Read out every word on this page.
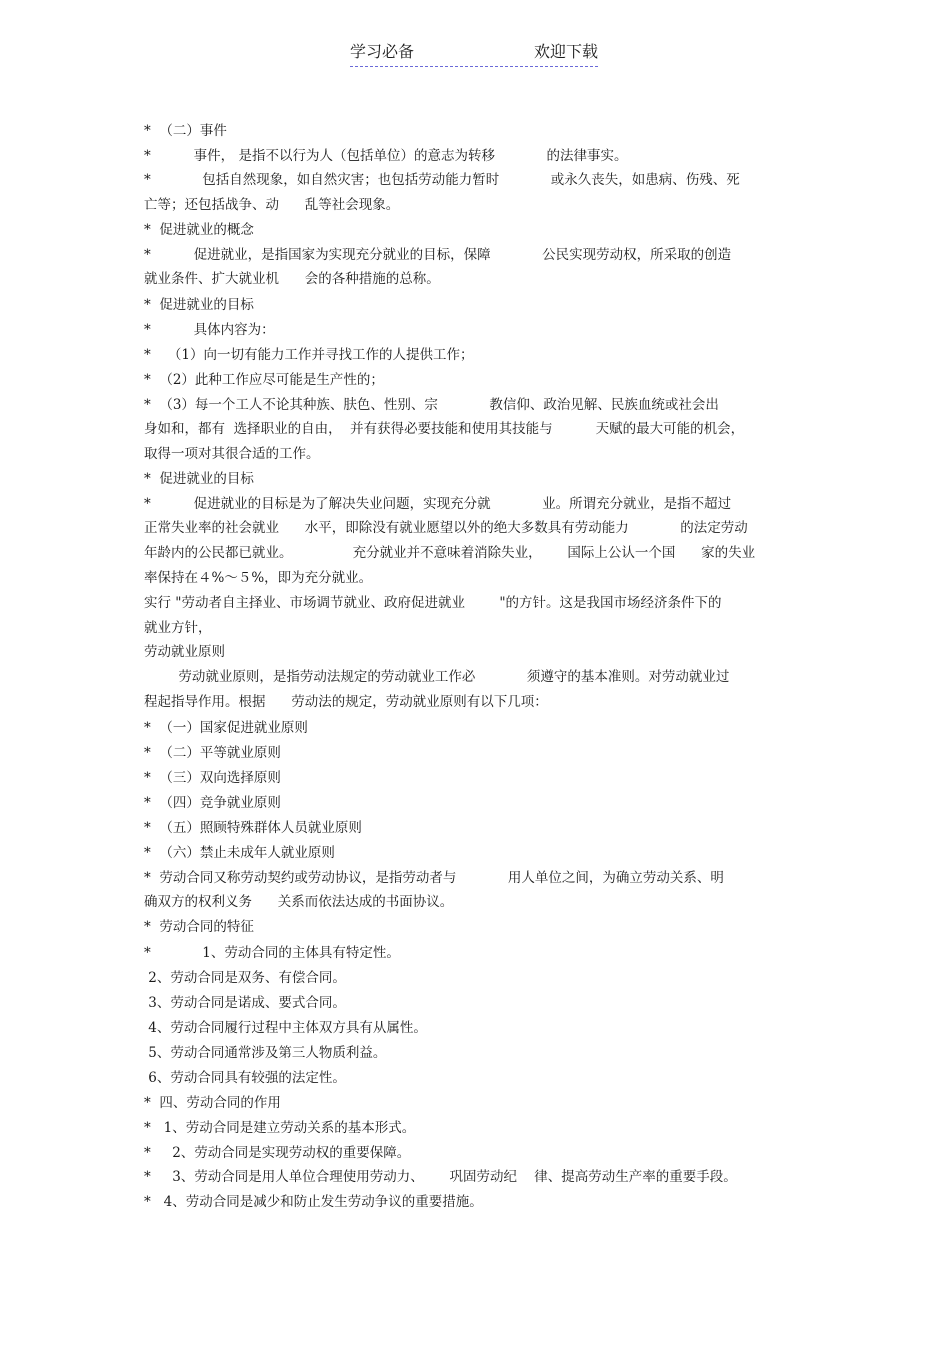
学习必备	欢迎下载
*  （二）事件
*          事件， 是指不以行为人（包括单位）的意志为转移            的法律事实。
*            包括自然现象，如自然灾害；也包括劳动能力暂时            或永久丧失，如患病、伤残、死
亡等；还包括战争、动      乱等社会现象。
*  促进就业的概念
*          促进就业，是指国家为实现充分就业的目标，保障            公民实现劳动权，所采取的创造
就业条件、扩大就业机      会的各种措施的总称。
*  促进就业的目标
*          具体内容为：
*    （1）向一切有能力工作并寻找工作的人提供工作；
*  （2）此种工作应尽可能是生产性的；
*  （3）每一个工人不论其种族、肤色、性别、宗            教信仰、政治见解、民族血统或社会出
身如和，都有  选择职业的自由，  并有获得必要技能和使用其技能与          天赋的最大可能的机会，
取得一项对其很合适的工作。
*  促进就业的目标
*          促进就业的目标是为了解决失业问题，实现充分就            业。所谓充分就业，是指不超过
正常失业率的社会就业      水平，即除没有就业愿望以外的绝大多数具有劳动能力            的法定劳动
年龄内的公民都已就业。              充分就业并不意味着消除失业，      国际上公认一个国      家的失业
率保持在４%～５%，即为充分就业。
实行 "劳动者自主择业、市场调节就业、政府促进就业        "的方针。这是我国市场经济条件下的
就业方针，
劳动就业原则
劳动就业原则，是指劳动法规定的劳动就业工作必            须遵守的基本准则。对劳动就业过
程起指导作用。根据      劳动法的规定，劳动就业原则有以下几项：
*  （一）国家促进就业原则
*  （二）平等就业原则
*  （三）双向选择原则
*  （四）竞争就业原则
*  （五）照顾特殊群体人员就业原则
*  （六）禁止未成年人就业原则
*  劳动合同又称劳动契约或劳动协议，是指劳动者与            用人单位之间，为确立劳动关系、明
确双方的权利义务      关系而依法达成的书面协议。
*  劳动合同的特征
*            1、劳动合同的主体具有特定性。
2、劳动合同是双务、有偿合同。
3、劳动合同是诺成、要式合同。
4、劳动合同履行过程中主体双方具有从属性。
5、劳动合同通常涉及第三人物质利益。
6、劳动合同具有较强的法定性。
*  四、劳动合同的作用
*   1、劳动合同是建立劳动关系的基本形式。
*     2、劳动合同是实现劳动权的重要保障。
*     3、劳动合同是用人单位合理使用劳动力、      巩固劳动纪    律、提高劳动生产率的重要手段。
*   4、劳动合同是减少和防止发生劳动争议的重要措施。
